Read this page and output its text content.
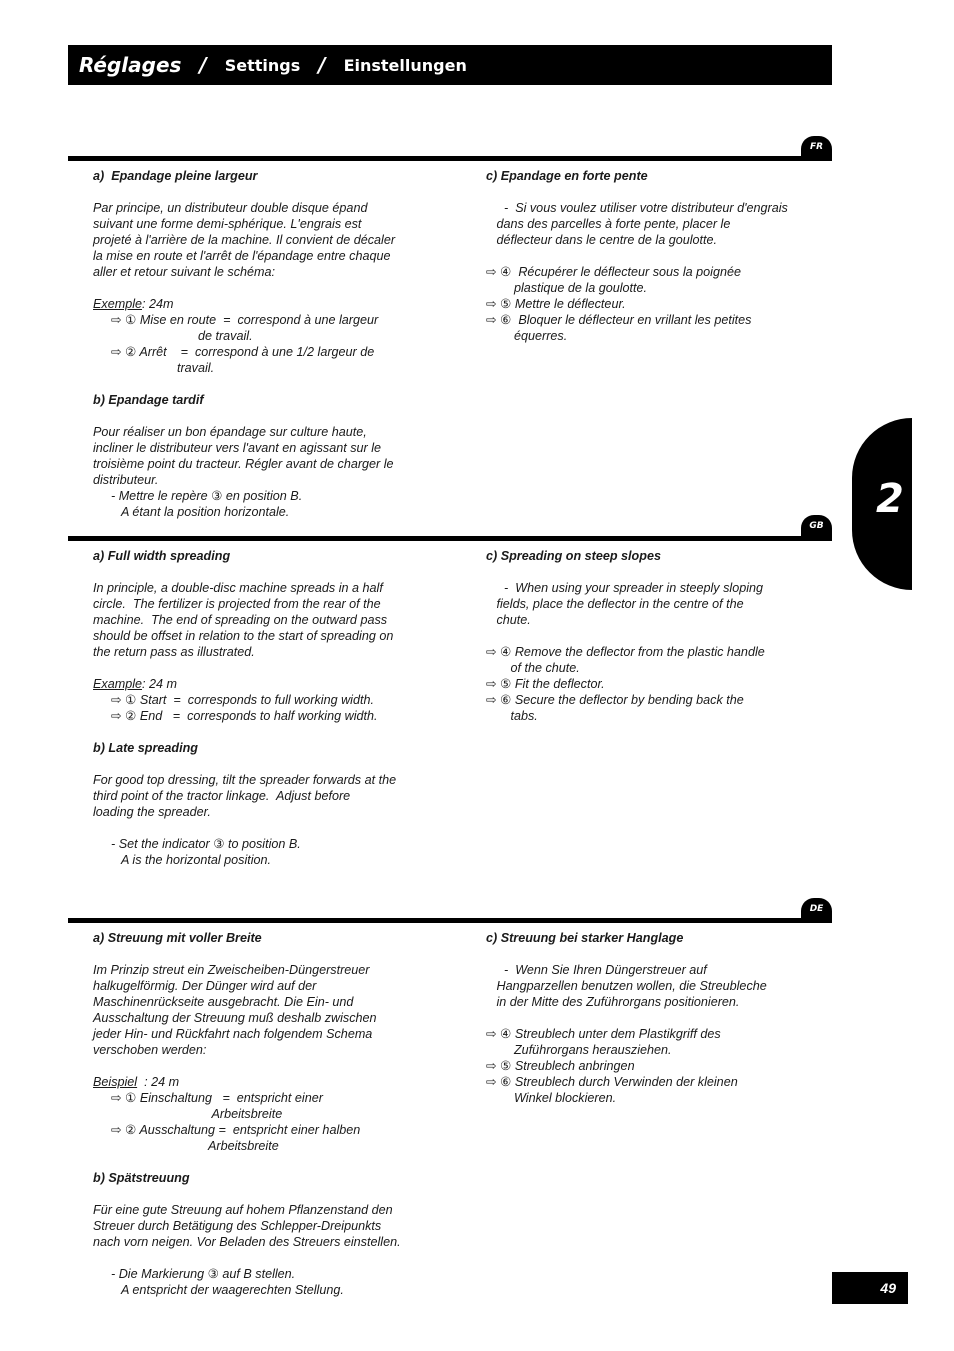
Réglages / Settings / Einstellungen
FR

a)  Epandage pleine largeur

Par principe, un distributeur double disque épand

suivant une forme demi-sphérique. L'engrais est

projeté à l'arrière de la machine. Il convient de décaler

la mise en route et l'arrêt de l'épandage entre chaque

aller et retour suivant le schéma:

Exemple: 24m

⇨ ① Mise en route  =  correspond à une largeur

de travail.

⇨ ② Arrêt    =  correspond à une 1/2 largeur de

travail.

b) Epandage tardif

Pour réaliser un bon épandage sur culture haute,

incliner le distributeur vers l'avant en agissant sur le

troisième point du tracteur. Régler avant de charger le

distributeur.

- Mettre le repère ③ en position B.

A étant la position horizontale.

c) Epandage en forte pente

-  Si vous voulez utiliser votre distributeur d'engrais

dans des parcelles à forte pente, placer le

déflecteur dans le centre de la goulotte.

⇨ ④  Récupérer le déflecteur sous la poignée

plastique de la goulotte.

⇨ ⑤ Mettre le déflecteur.

⇨ ⑥  Bloquer le déflecteur en vrillant les petites

équerres.

GB

a) Full width spreading

In principle, a double-disc machine spreads in a half

circle.  The fertilizer is projected from the rear of the

machine.  The end of spreading on the outward pass

should be offset in relation to the start of spreading on

the return pass as illustrated.

Example: 24 m

⇨ ① Start  =  corresponds to full working width.

⇨ ② End   =  corresponds to half working width.

b) Late spreading

For good top dressing, tilt the spreader forwards at the

third point of the tractor linkage.  Adjust before

loading the spreader.

- Set the indicator ③ to position B.

A is the horizontal position.

c) Spreading on steep slopes

-  When using your spreader in steeply sloping

fields, place the deflector in the centre of the

chute.

⇨ ④ Remove the deflector from the plastic handle

of the chute.

⇨ ⑤ Fit the deflector.

⇨ ⑥ Secure the deflector by bending back the

tabs.

DE

a) Streuung mit voller Breite

Im Prinzip streut ein Zweischeiben-Düngerstreuer

halkugelförmig. Der Dünger wird auf der

Maschinenrückseite ausgebracht. Die Ein- und

Ausschaltung der Streuung muß deshalb zwischen

jeder Hin- und Rückfahrt nach folgendem Schema

verschoben werden:

Beispiel  : 24 m

⇨ ① Einschaltung   =  entspricht einer

Arbeitsbreite

⇨ ② Ausschaltung =  entspricht einer halben

Arbeitsbreite

b) Spätstreuung

Für eine gute Streuung auf hohem Pflanzenstand den

Streuer durch Betätigung des Schlepper-Dreipunkts

nach vorn neigen. Vor Beladen des Streuers einstellen.

- Die Markierung ③ auf B stellen.

A entspricht der waagerechten Stellung.

c) Streuung bei starker Hanglage

-  Wenn Sie Ihren Düngerstreuer auf

Hangparzellen benutzen wollen, die Streubleche

in der Mitte des Zuführorgans positionieren.

⇨ ④ Streublech unter dem Plastikgriff des

Zuführorgans herausziehen.

⇨ ⑤ Streublech anbringen

⇨ ⑥ Streublech durch Verwinden der kleinen

Winkel blockieren.

2
49
